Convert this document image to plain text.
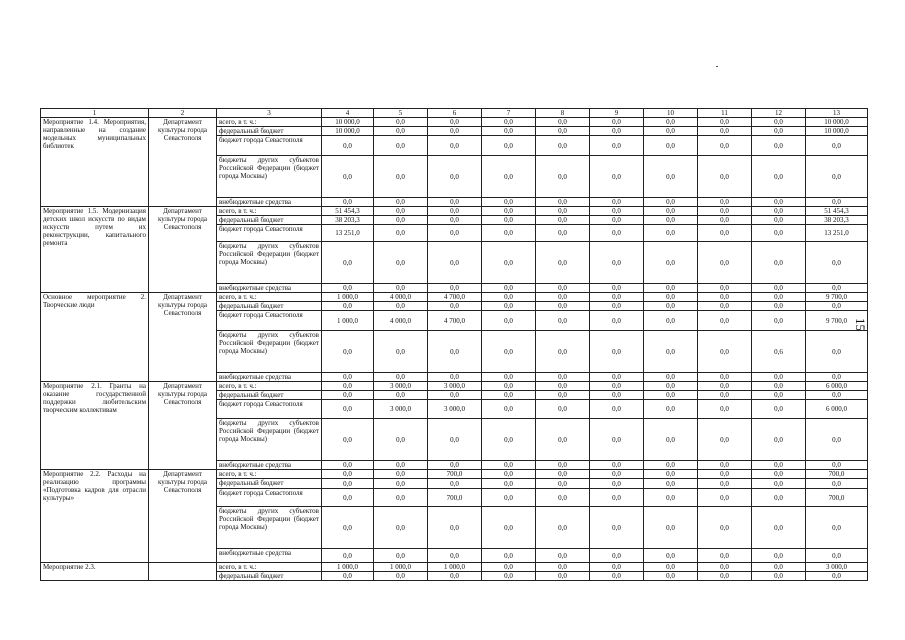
1	2	3	4	5	6	7	8	9	10	11	12	13
Мероприятие 1.4. Мероприятия, направленные на создание модельных муниципальных библиотек	Департамент культуры города Севастополя	всего, в т. ч.:	10 000,0	0,0	0,0	0,0	0,0	0,0	0,0	0,0	0,0	10 000,0
		федеральный бюджет	10 000,0	0,0	0,0	0,0	0,0	0,0	0,0	0,0	0,0	10 000,0
		бюджет города Севастополя	0,0	0,0	0,0	0,0	0,0	0,0	0,0	0,0	0,0	0,0
		бюджеты других субъектов Российской Федерации (бюджет города Москвы)	0,0	0,0	0,0	0,0	0,0	0,0	0,0	0,0	0,0	0,0
		внебюджетные средства	0,0	0,0	0,0	0,0	0,0	0,0	0,0	0,0	0,0	0,0
Мероприятие 1.5. Модернизация детских школ искусств по видам искусств путем их реконструкции, капитального ремонта	Департамент культуры города Севастополя	всего, в т. ч.:	51 454,3	0,0	0,0	0,0	0,0	0,0	0,0	0,0	0,0	51 454,3
		федеральный бюджет	38 203,3	0,0	0,0	0,0	0,0	0,0	0,0	0,0	0,0	38 203,3
		бюджет города Севастополя	13 251,0	0,0	0,0	0,0	0,0	0,0	0,0	0,0	0,0	13 251,0
		бюджеты других субъектов Российской Федерации (бюджет города Москвы)	0,0	0,0	0,0	0,0	0,0	0,0	0,0	0,0	0,0	0,0
		внебюджетные средства	0,0	0,0	0,0	0,0	0,0	0,0	0,0	0,0	0,0	0,0
Основное мероприятие 2. Творческие люди	Департамент культуры города Севастополя	всего, в т. ч.:	1 000,0	4 000,0	4 700,0	0,0	0,0	0,0	0,0	0,0	0,0	9 700,0
		федеральный бюджет	0,0	0,0	0,0	0,0	0,0	0,0	0,0	0,0	0,0	0,0
		бюджет города Севастополя	1 000,0	4 000,0	4 700,0	0,0	0,0	0,0	0,0	0,0	0,0	9 700,0
		бюджеты других субъектов Российской Федерации (бюджет города Москвы)	0,0	0,0	0,0	0,0	0,0	0,0	0,0	0,0	0,6	0,0
		внебюджетные средства	0,0	0,0	0,0	0,0	0,0	0,0	0,0	0,0	0,0	0,0
Мероприятие 2.1. Гранты на оказание государственной поддержки любительским творческим коллективам	Департамент культуры города Севастополя	всего, в т. ч.:	0,0	3 000,0	3 000,0	0,0	0,0	0,0	0,0	0,0	0,0	6 000,0
		федеральный бюджет	0,0	0,0	0,0	0,0	0,0	0,0	0,0	0,0	0,0	0,0
		бюджет города Севастополя	0,0	3 000,0	3 000,0	0,0	0,0	0,0	0,0	0,0	0,0	6 000,0
		бюджеты других субъектов Российской Федерации (бюджет города Москвы)	0,0	0,0	0,0	0,0	0,0	0,0	0,0	0,0	0,0	0,0
		внебюджетные средства	0,0	0,0	0,0	0,0	0,0	0,0	0,0	0,0	0,0	0,0
Мероприятие 2.2. Расходы на реализацию программы «Подготовка кадров для отрасли культуры»	Департамент культуры города Севастополя	всего, в т. ч.:	0,0	0,0	700,0	0,0	0,0	0,0	0,0	0,0	0,0	700,0
		федеральный бюджет	0,0	0,0	0,0	0,0	0,0	0,0	0,0	0,0	0,0	0,0
		бюджет города Севастополя	0,0	0,0	700,0	0,0	0,0	0,0	0,0	0,0	0,0	700,0
		бюджеты других субъектов Российской Федерации (бюджет города Москвы)	0,0	0,0	0,0	0,0	0,0	0,0	0,0	0,0	0,0	0,0
		внебюджетные средства	0,0	0,0	0,0	0,0	0,0	0,0	0,0	0,0	0,0	0,0
Мероприятие 2.3.		всего, в т. ч.:	1 000,0	1 000,0	1 000,0	0,0	0,0	0,0	0,0	0,0	0,0	3 000,0
		федеральный бюджет	0,0	0,0	0,0	0,0	0,0	0,0	0,0	0,0	0,0	0,0
15
